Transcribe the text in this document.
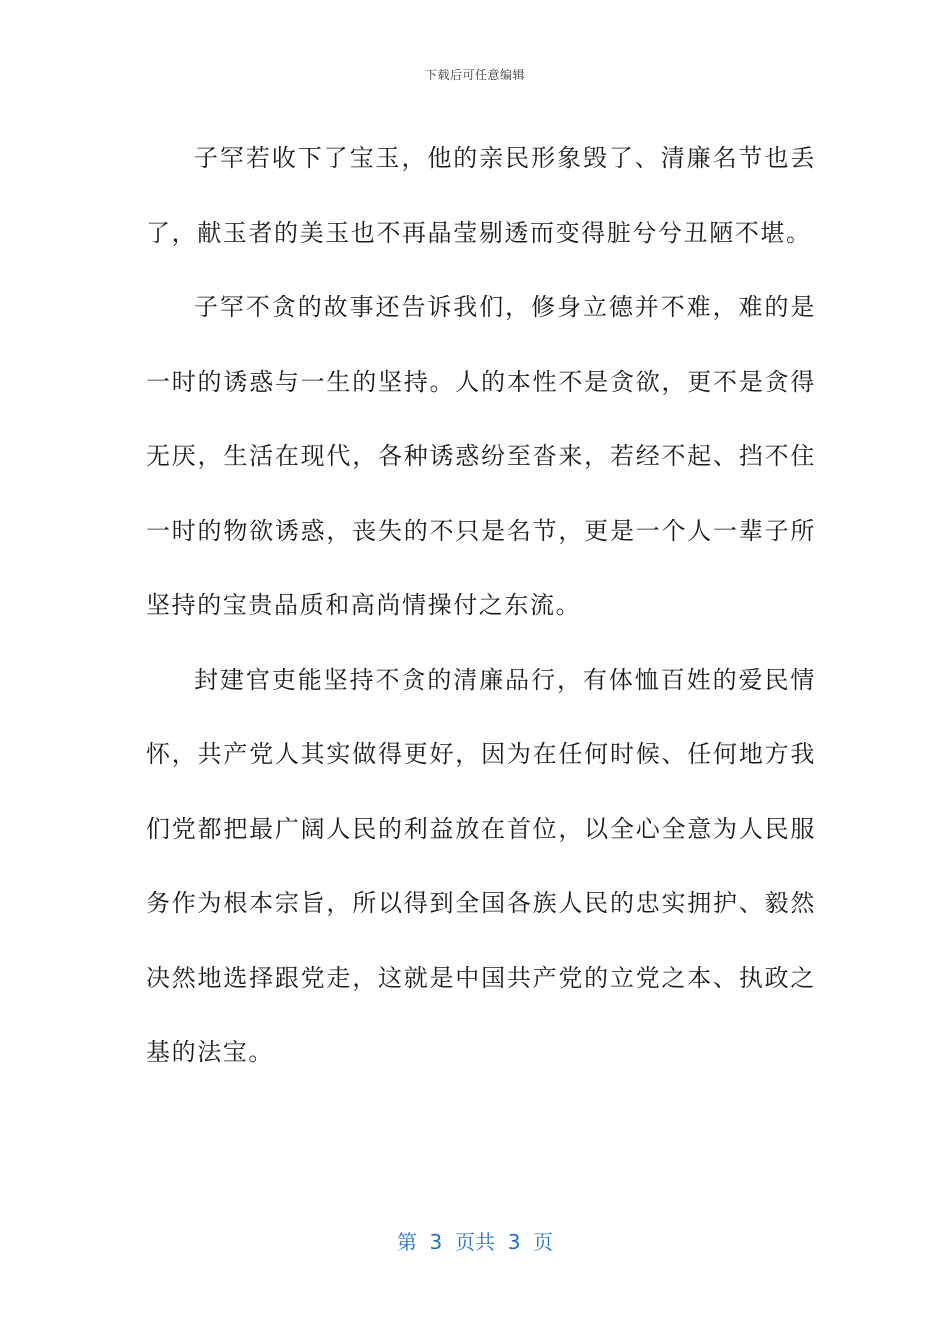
下载后可任意编辑

子罕若收下了宝玉，他的亲民形象毁了、清廉名节也丢了，献玉者的美玉也不再晶莹剔透而变得脏兮兮丑陋不堪。

子罕不贪的故事还告诉我们，修身立德并不难，难的是一时的诱惑与一生的坚持。人的本性不是贪欲，更不是贪得无厌，生活在现代，各种诱惑纷至沓来，若经不起、挡不住一时的物欲诱惑，丧失的不只是名节，更是一个人一辈子所坚持的宝贵品质和高尚情操付之东流。

封建官吏能坚持不贪的清廉品行，有体恤百姓的爱民情怀，共产党人其实做得更好，因为在任何时候、任何地方我们党都把最广阔人民的利益放在首位，以全心全意为人民服务作为根本宗旨，所以得到全国各族人民的忠实拥护、毅然决然地选择跟党走，这就是中国共产党的立党之本、执政之基的法宝。

第  3  页共  3  页
